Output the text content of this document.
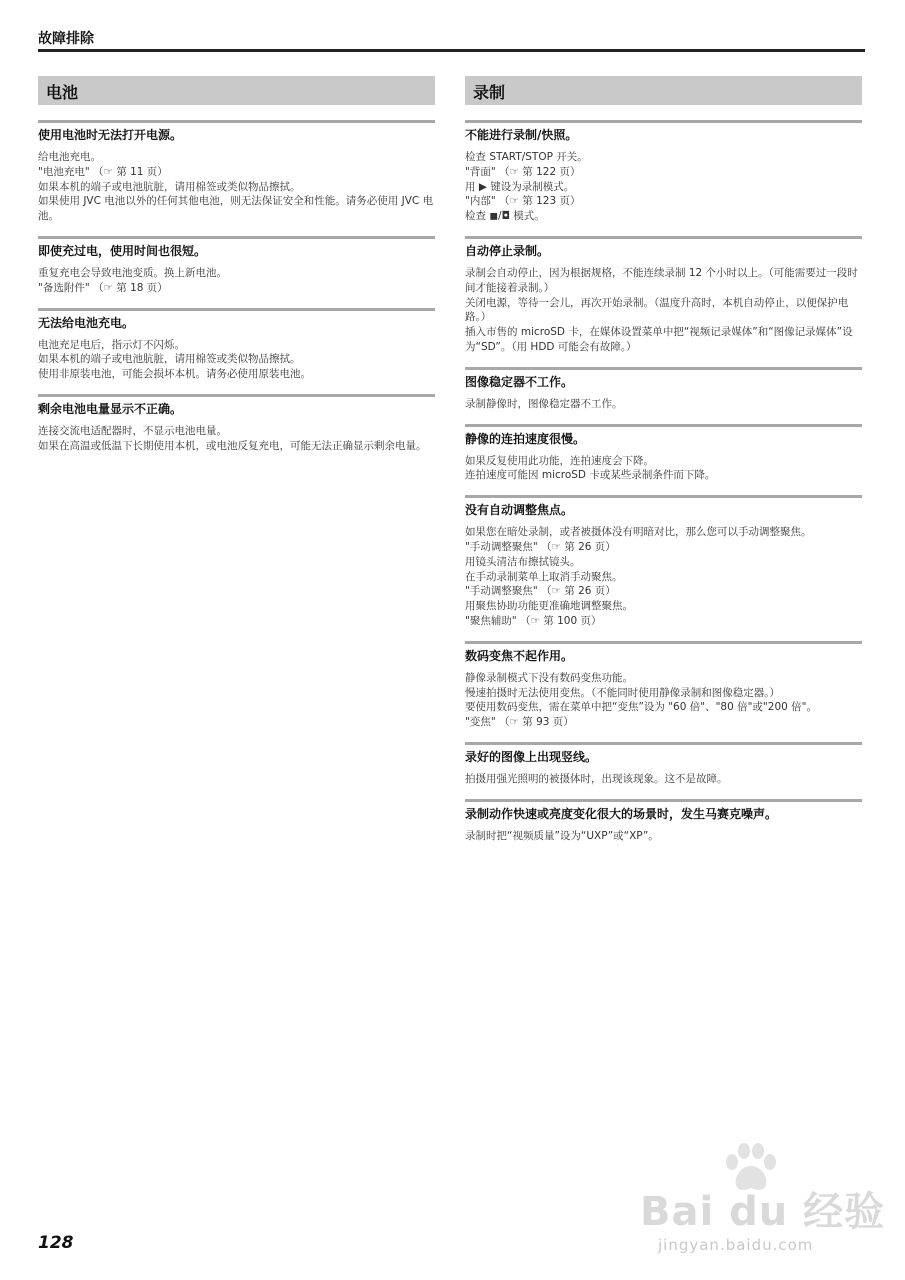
故障排除
电池
使用电池时无法打开电源。
给电池充电。
"电池充电" （☞ 第 11 页）
如果本机的端子或电池肮脏，请用棉签或类似物品擦拭。
如果使用 JVC 电池以外的任何其他电池，则无法保证安全和性能。请务必使用 JVC 电池。
即使充过电，使用时间也很短。
重复充电会导致电池变质。换上新电池。
"备选附件" （☞ 第 18 页）
无法给电池充电。
电池充足电后，指示灯不闪烁。
如果本机的端子或电池肮脏，请用棉签或类似物品擦拭。
使用非原装电池，可能会损坏本机。请务必使用原装电池。
剩余电池电量显示不正确。
连接交流电适配器时，不显示电池电量。
如果在高温或低温下长期使用本机，或电池反复充电，可能无法正确显示剩余电量。
录制
不能进行录制/快照。
检查 START/STOP 开关。
"背面" （☞ 第 122 页）
用 ▶ 键设为录制模式。
"内部" （☞ 第 123 页）
检查 ◼/◘ 模式。
自动停止录制。
录制会自动停止，因为根据规格，不能连续录制 12 个小时以上。（可能需要过一段时间才能接着录制。）
关闭电源，等待一会儿，再次开始录制。（温度升高时，本机自动停止，以便保护电路。）
插入市售的 microSD 卡，在媒体设置菜单中把“视频记录媒体”和“图像记录媒体”设为“SD”。（用 HDD 可能会有故障。）
图像稳定器不工作。
录制静像时，图像稳定器不工作。
静像的连拍速度很慢。
如果反复使用此功能，连拍速度会下降。
连拍速度可能因 microSD 卡或某些录制条件而下降。
没有自动调整焦点。
如果您在暗处录制，或者被摄体没有明暗对比，那么您可以手动调整聚焦。
"手动调整聚焦" （☞ 第 26 页）
用镜头清洁布擦拭镜头。
在手动录制菜单上取消手动聚焦。
"手动调整聚焦" （☞ 第 26 页）
用聚焦协助功能更准确地调整聚焦。
"聚焦辅助" （☞ 第 100 页）
数码变焦不起作用。
静像录制模式下没有数码变焦功能。
慢速拍摄时无法使用变焦。（不能同时使用静像录制和图像稳定器。）
要使用数码变焦，需在菜单中把“变焦”设为 "60 倍"、"80 倍"或"200 倍"。
"变焦" （☞ 第 93 页）
录好的图像上出现竖线。
拍摄用强光照明的被摄体时，出现该现象。这不是故障。
录制动作快速或亮度变化很大的场景时，发生马赛克噪声。
录制时把“视频质量”设为“UXP”或“XP”。
128
Bai du 经验
jingyan.baidu.com
